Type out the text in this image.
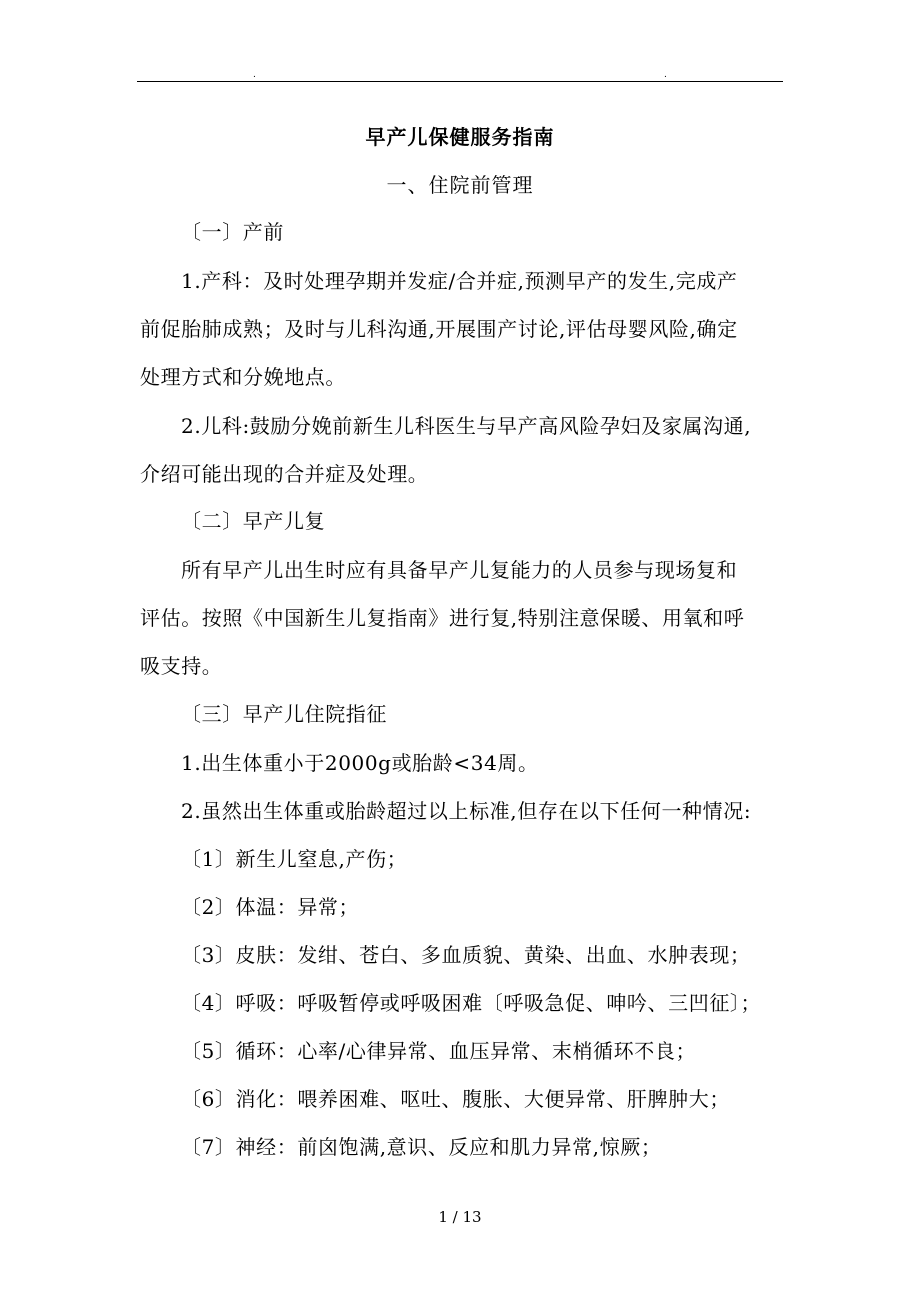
.	.
早产儿保健服务指南
一、住院前管理
〔一〕产前
1.产科：及时处理孕期并发症/合并症,预测早产的发生,完成产
前促胎肺成熟；及时与儿科沟通,开展围产讨论,评估母婴风险,确定
处理方式和分娩地点。
2.儿科:鼓励分娩前新生儿科医生与早产高风险孕妇及家属沟通,
介绍可能出现的合并症及处理。
〔二〕早产儿复
所有早产儿出生时应有具备早产儿复能力的人员参与现场复和
评估。按照《中国新生儿复指南》进行复,特别注意保暖、用氧和呼
吸支持。
〔三〕早产儿住院指征
1.出生体重小于2000g或胎龄<34周。
2.虽然出生体重或胎龄超过以上标准,但存在以下任何一种情况:
〔1〕新生儿窒息,产伤；
〔2〕体温：异常；
〔3〕皮肤：发绀、苍白、多血质貌、黄染、出血、水肿表现；
〔4〕呼吸：呼吸暂停或呼吸困难〔呼吸急促、呻吟、三凹征〕；
〔5〕循环：心率/心律异常、血压异常、末梢循环不良；
〔6〕消化：喂养困难、呕吐、腹胀、大便异常、肝脾肿大；
〔7〕神经：前囟饱满,意识、反应和肌力异常,惊厥；
1 / 13
